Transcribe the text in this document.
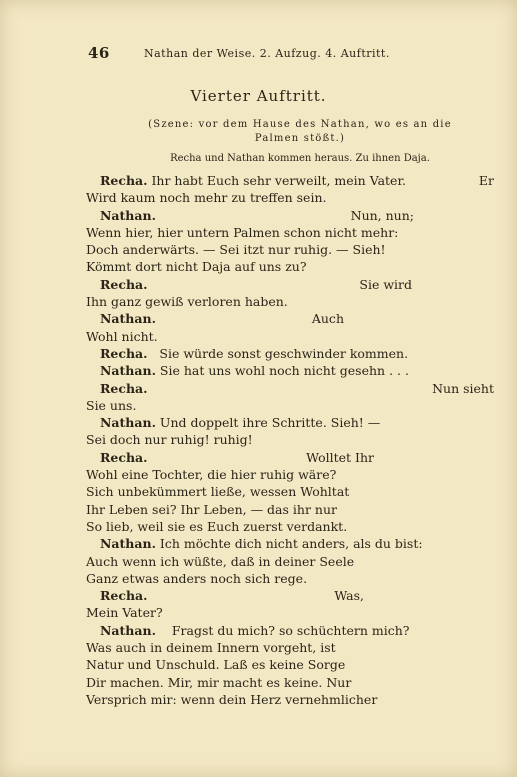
46	Nathan der Weise. 2. Aufzug. 4. Auftritt.
Vierter Auftritt.
(Szene: vor dem Hause des Nathan, wo es an die
Palmen stößt.)
Recha und Nathan kommen heraus. Zu ihnen Daja.
Recha. Ihr habt Euch sehr verweilt, mein Vater.	Er
Wird kaum noch mehr zu treffen sein.
Nathan.	Nun, nun;
Wenn hier, hier untern Palmen schon nicht mehr:
Doch anderwärts. — Sei itzt nur ruhig. — Sieh!
Kömmt dort nicht Daja auf uns zu?
Recha.	Sie wird
Ihn ganz gewiß verloren haben.
Nathan.	Auch
Wohl nicht.
Recha. Sie würde sonst geschwinder kommen.
Nathan. Sie hat uns wohl noch nicht gesehn . . .
Recha.	Nun sieht
Sie uns.
Nathan. Und doppelt ihre Schritte. Sieh! —
Sei doch nur ruhig! ruhig!
Recha.	Wolltet Ihr
Wohl eine Tochter, die hier ruhig wäre?
Sich unbekümmert ließe, wessen Wohltat
Ihr Leben sei? Ihr Leben, — das ihr nur
So lieb, weil sie es Euch zuerst verdankt.
Nathan. Ich möchte dich nicht anders, als du bist:
Auch wenn ich wüßte, daß in deiner Seele
Ganz etwas anders noch sich rege.
Recha.	Was,
Mein Vater?
Nathan. Fragst du mich? so schüchtern mich?
Was auch in deinem Innern vorgeht, ist
Natur und Unschuld. Laß es keine Sorge
Dir machen. Mir, mir macht es keine. Nur
Versprich mir: wenn dein Herz vernehmlicher
